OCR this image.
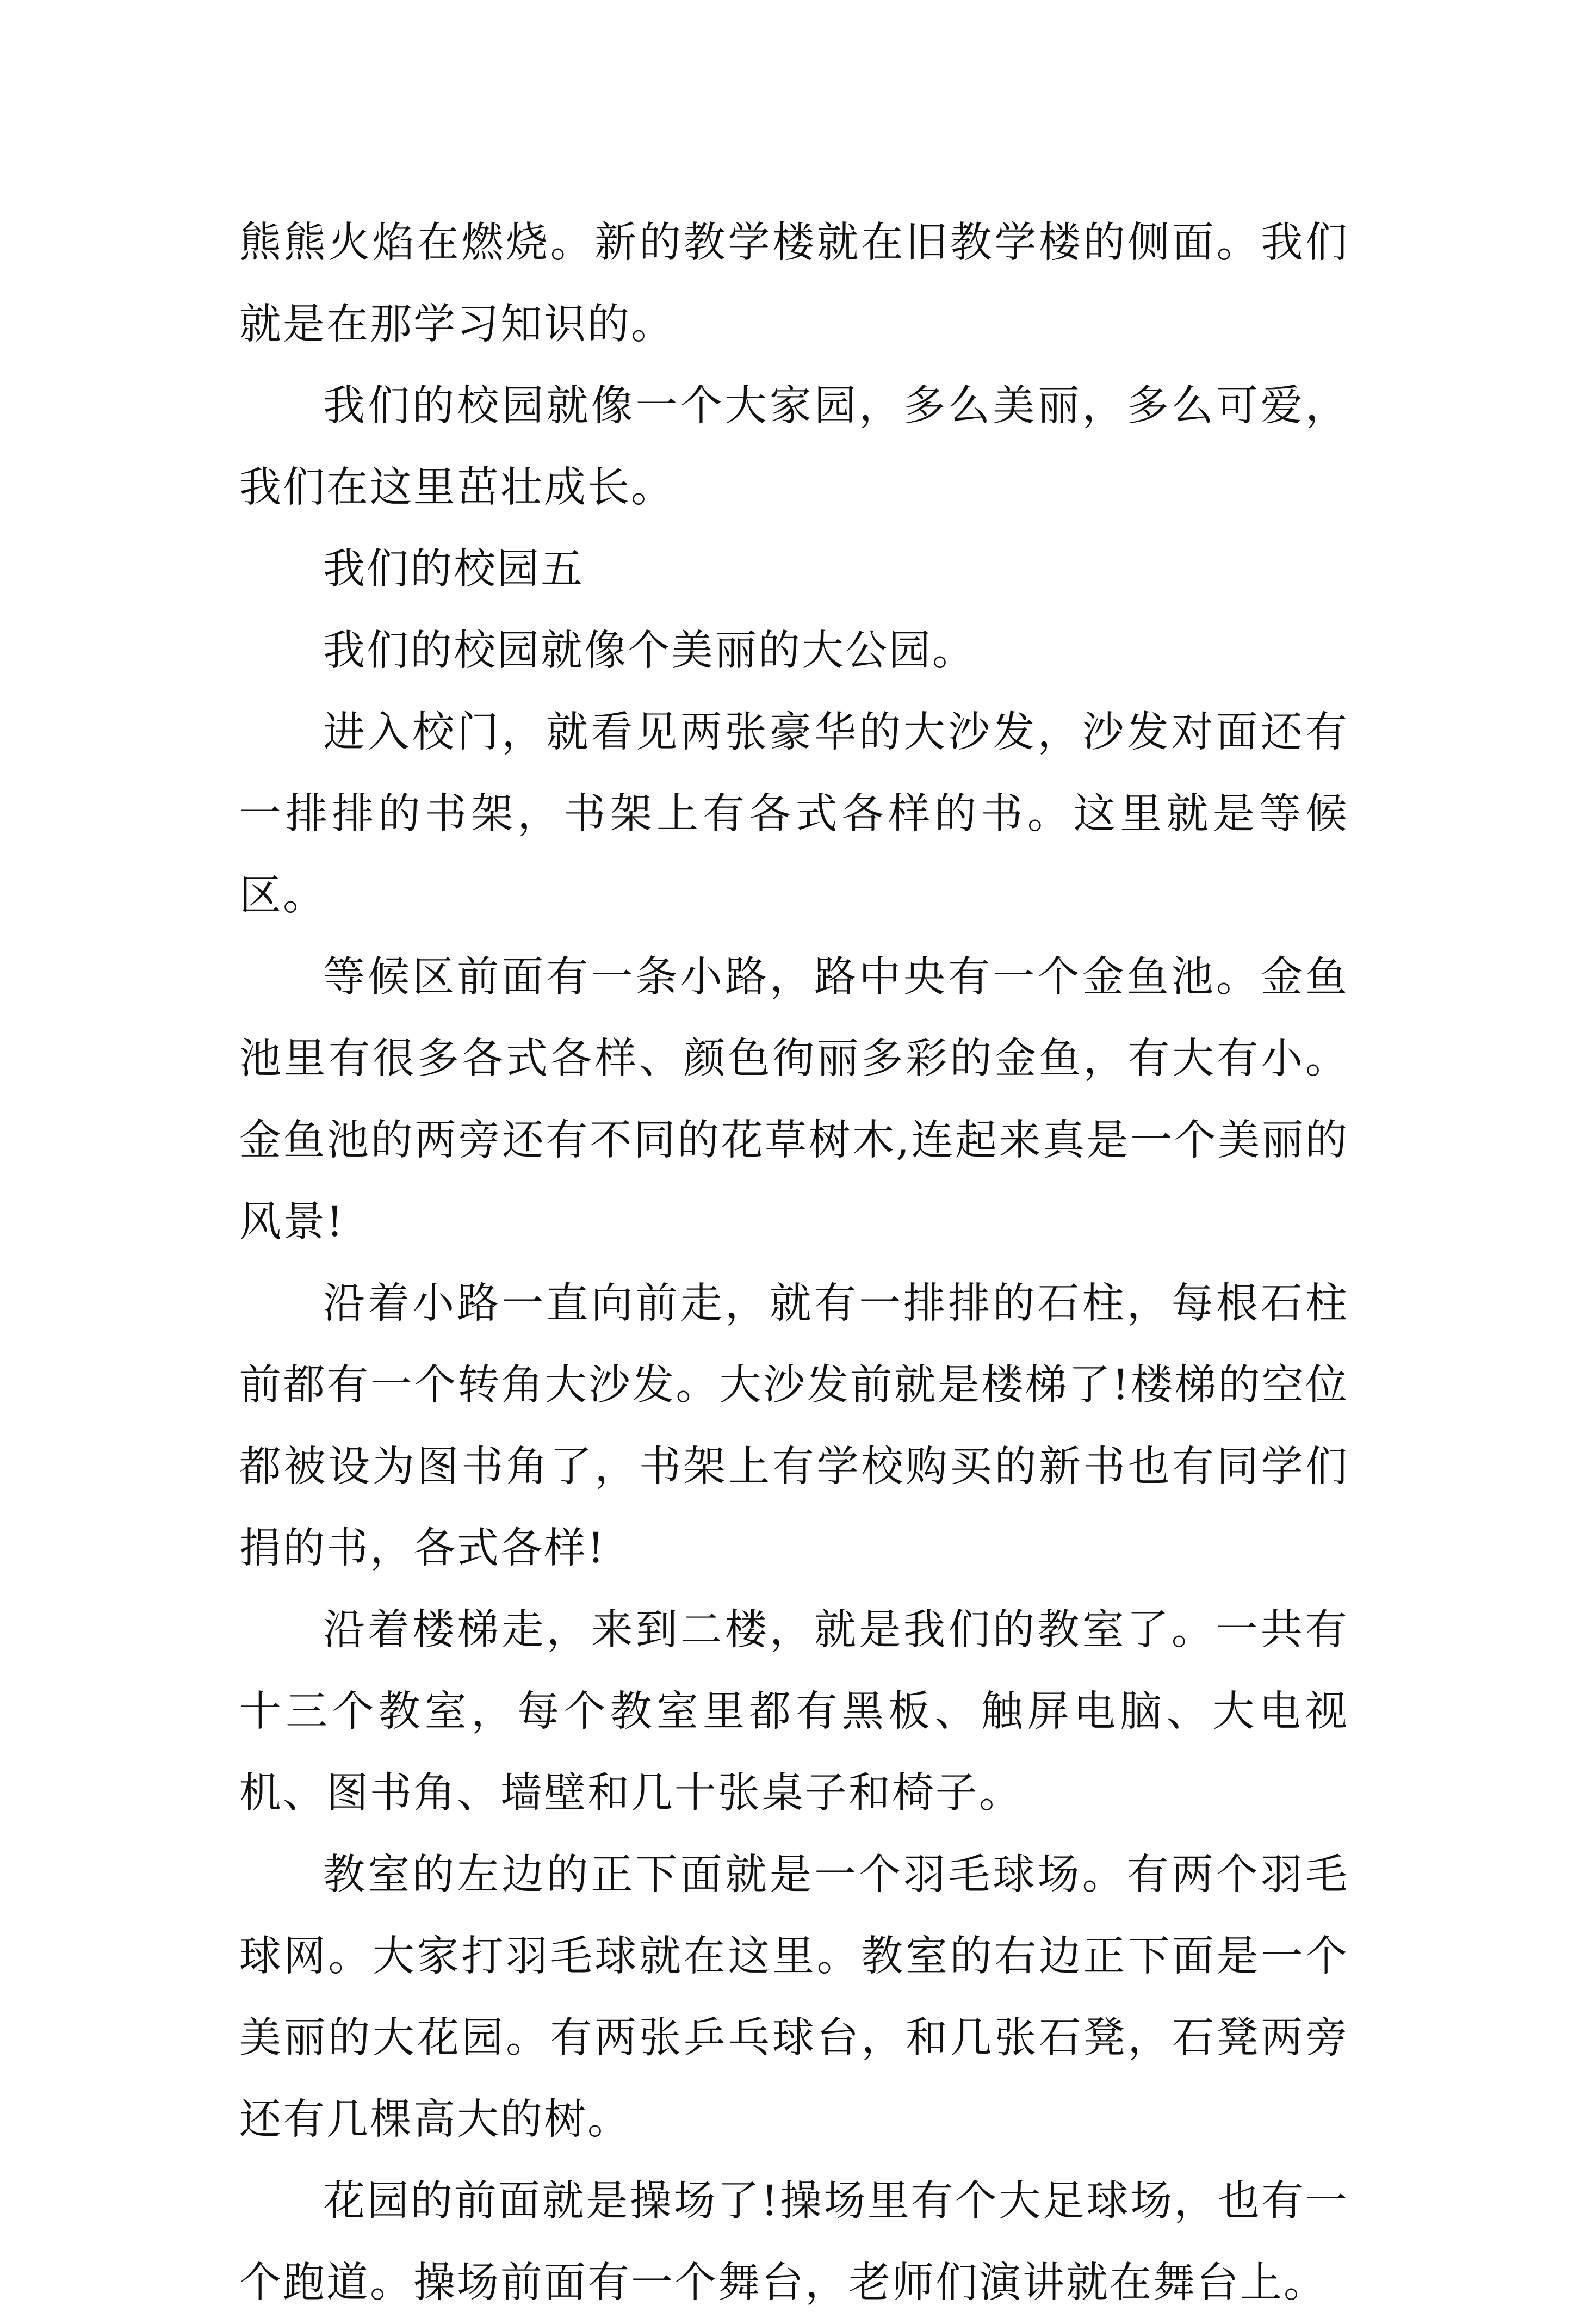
熊熊火焰在燃烧。新的教学楼就在旧教学楼的侧面。我们就是在那学习知识的。

我们的校园就像一个大家园，多么美丽，多么可爱，我们在这里茁壮成长。

我们的校园五

我们的校园就像个美丽的大公园。

进入校门，就看见两张豪华的大沙发，沙发对面还有一排排的书架，书架上有各式各样的书。这里就是等候区。

等候区前面有一条小路，路中央有一个金鱼池。金鱼池里有很多各式各样、颜色徇丽多彩的金鱼，有大有小。金鱼池的两旁还有不同的花草树木,连起来真是一个美丽的风景!

沿着小路一直向前走，就有一排排的石柱，每根石柱前都有一个转角大沙发。大沙发前就是楼梯了!楼梯的空位都被设为图书角了，书架上有学校购买的新书也有同学们捐的书，各式各样!

沿着楼梯走，来到二楼，就是我们的教室了。一共有十三个教室，每个教室里都有黑板、触屏电脑、大电视机、图书角、墙壁和几十张桌子和椅子。

教室的左边的正下面就是一个羽毛球场。有两个羽毛球网。大家打羽毛球就在这里。教室的右边正下面是一个美丽的大花园。有两张乒乓球台，和几张石凳，石凳两旁还有几棵高大的树。

花园的前面就是操场了!操场里有个大足球场，也有一个跑道。操场前面有一个舞台，老师们演讲就在舞台上。
